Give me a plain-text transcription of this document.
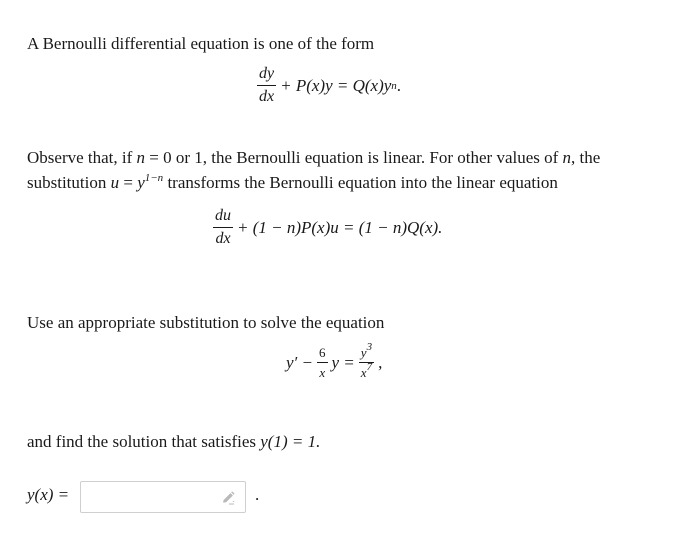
A Bernoulli differential equation is one of the form
$\frac{dy}{dx} + P(x)y = Q(x)y$ n .
Observe that, if n = 0 or 1, the Bernoulli equation is linear. For other values of n, the
substitution $u = y^{1-n}$ transforms the Bernoulli equation into the linear equation
$\frac{du}{dx} + (1 - n)P(x)u = (1 - n)Q(x)$.
Use an appropriate substitution to solve the equation
$y' - \frac{6}{x}$ $y = \frac{y^3}{x^7}$ ,
and find the solution that satisfies y(1) = 1.
y(x) =	.
